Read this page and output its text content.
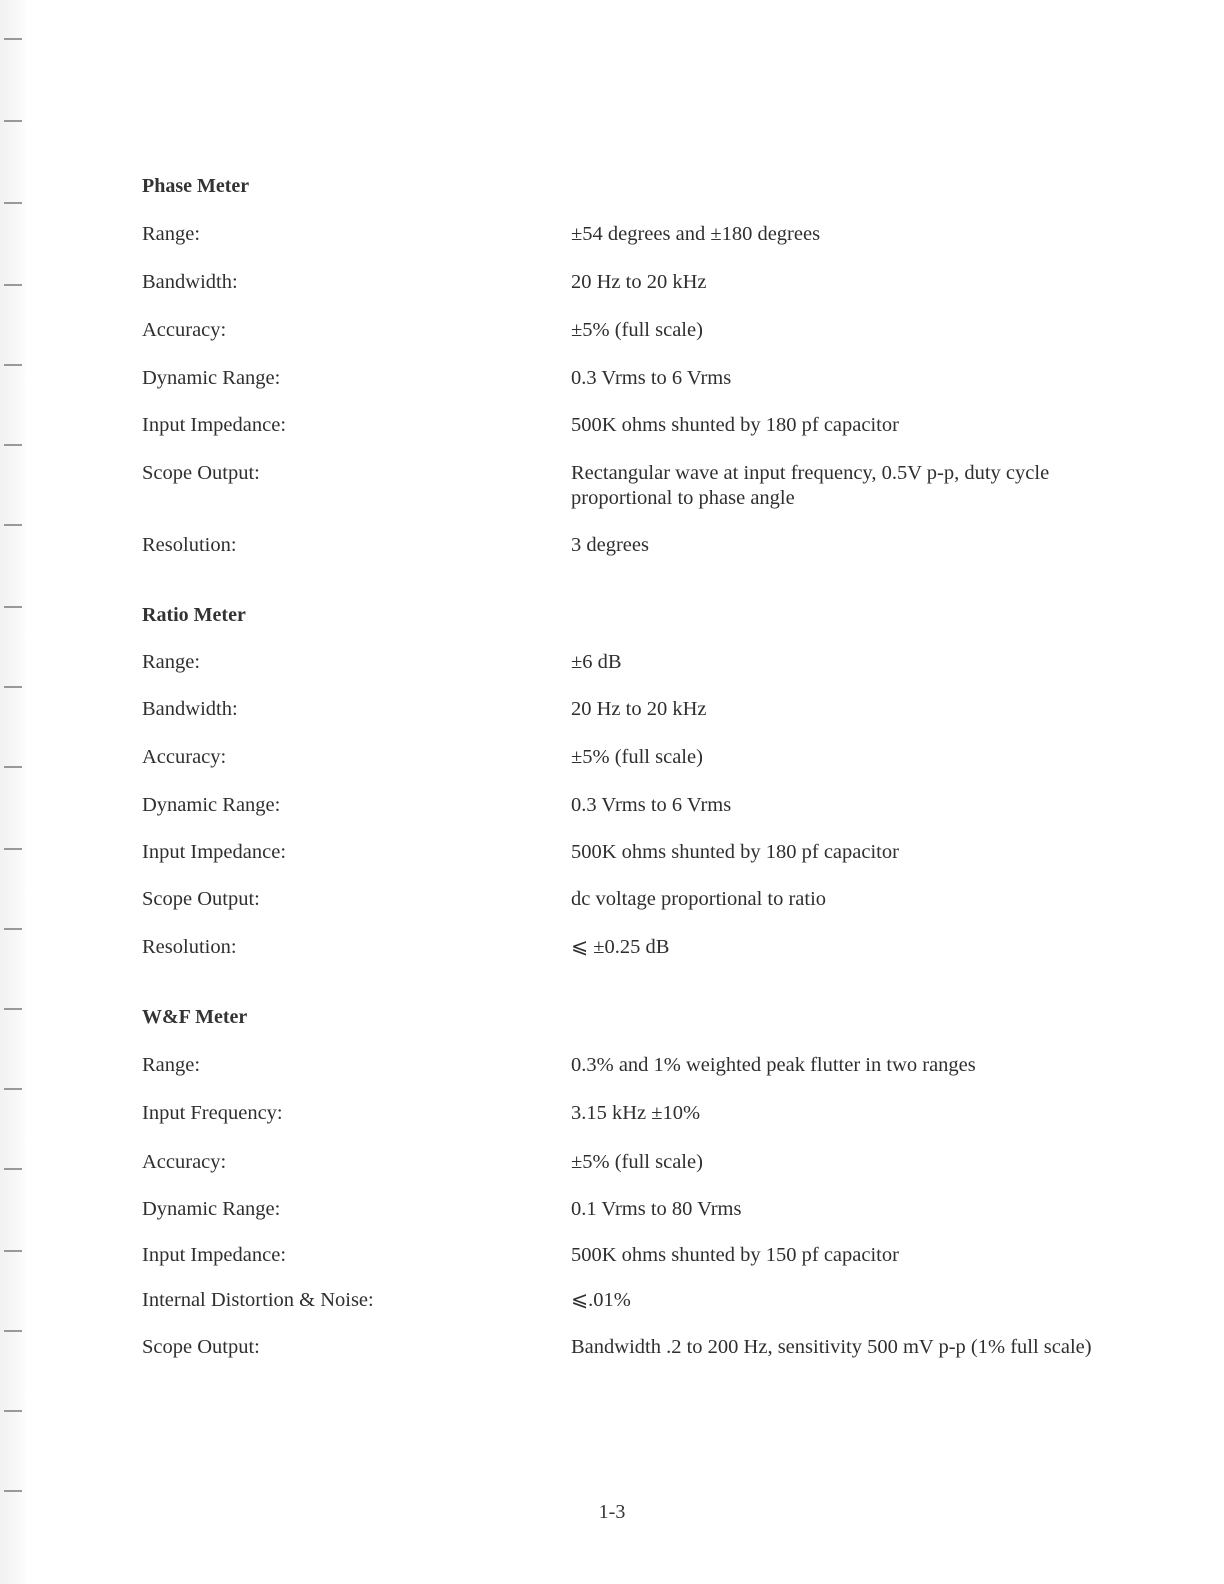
Phase Meter
Range:	±54 degrees and ±180 degrees
Bandwidth:	20 Hz to 20 kHz
Accuracy:	±5% (full scale)
Dynamic Range:	0.3 Vrms to 6 Vrms
Input Impedance:	500K ohms shunted by 180 pf capacitor
Scope Output:	Rectangular wave at input frequency, 0.5V p-p, duty cycle proportional to phase angle
Resolution:	3 degrees
Ratio Meter
Range:	±6 dB
Bandwidth:	20 Hz to 20 kHz
Accuracy:	±5% (full scale)
Dynamic Range:	0.3 Vrms to 6 Vrms
Input Impedance:	500K ohms shunted by 180 pf capacitor
Scope Output:	dc voltage proportional to ratio
Resolution:	⩽ ±0.25 dB
W&F Meter
Range:	0.3% and 1% weighted peak flutter in two ranges
Input Frequency:	3.15 kHz ±10%
Accuracy:	±5% (full scale)
Dynamic Range:	0.1 Vrms to 80 Vrms
Input Impedance:	500K ohms shunted by 150 pf capacitor
Internal Distortion & Noise:	⩽.01%
Scope Output:	Bandwidth .2 to 200 Hz, sensitivity 500 mV p-p (1% full scale)
1-3
